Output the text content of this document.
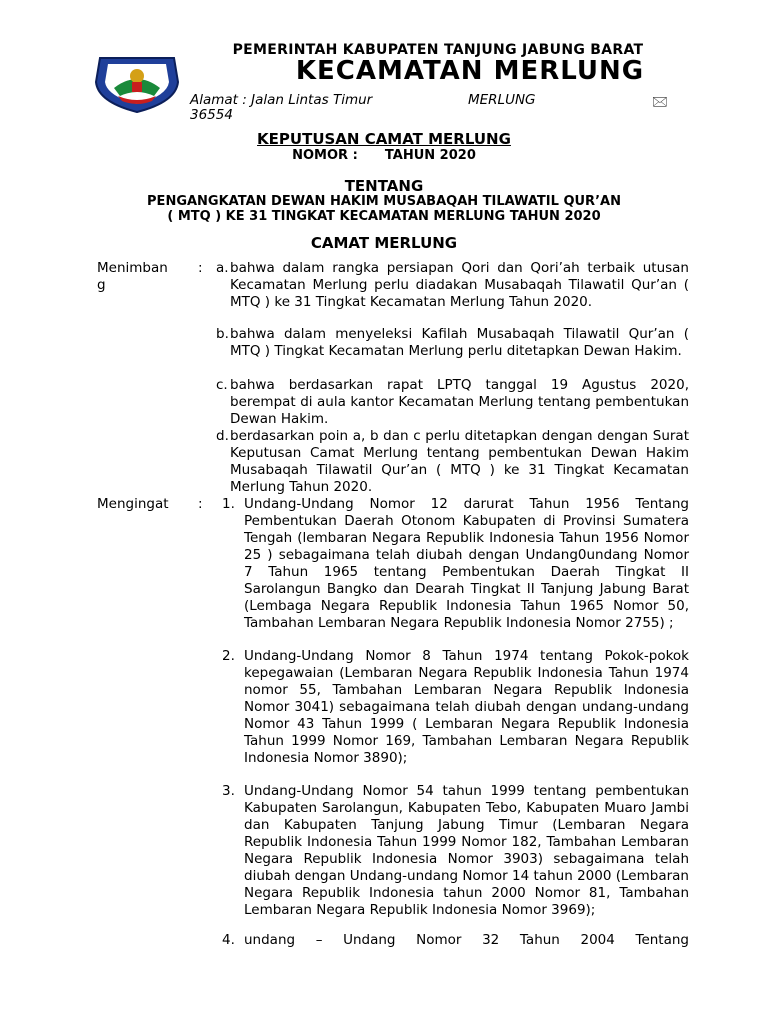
PEMERINTAH KABUPATEN TANJUNG JABUNG BARAT
KECAMATAN MERLUNG
Alamat : Jalan Lintas Timur	MERLUNG	🖂
36554
KEPUTUSAN CAMAT MERLUNG
NOMOR :      TAHUN 2020
TENTANG
PENGANGKATAN DEWAN HAKIM MUSABAQAH TILAWATIL QUR’AN
( MTQ ) KE 31 TINGKAT KECAMATAN MERLUNG TAHUN 2020
CAMAT MERLUNG
Menimban g
: a. bahwa dalam rangka persiapan Qori dan Qori’ah terbaik utusan Kecamatan Merlung perlu diadakan Musabaqah Tilawatil Qur’an ( MTQ ) ke 31 Tingkat Kecamatan Merlung Tahun 2020.
b. bahwa dalam menyeleksi Kafilah Musabaqah Tilawatil Qur’an ( MTQ ) Tingkat Kecamatan Merlung perlu ditetapkan Dewan Hakim.
c. bahwa berdasarkan rapat LPTQ tanggal 19 Agustus 2020, berempat di aula kantor Kecamatan Merlung tentang pembentukan Dewan Hakim.
d. berdasarkan poin a, b dan c perlu ditetapkan dengan dengan Surat Keputusan Camat Merlung tentang pembentukan Dewan Hakim Musabaqah Tilawatil Qur’an ( MTQ ) ke 31 Tingkat Kecamatan Merlung Tahun 2020.
Mengingat	: 1. Undang-Undang Nomor 12 darurat Tahun 1956 Tentang Pembentukan Daerah Otonom Kabupaten di Provinsi Sumatera Tengah (lembaran Negara Republik Indonesia Tahun 1956 Nomor 25 ) sebagaimana telah diubah dengan Undang0undang Nomor 7 Tahun 1965 tentang Pembentukan Daerah Tingkat II Sarolangun Bangko dan Dearah Tingkat II Tanjung Jabung Barat (Lembaga Negara Republik Indonesia Tahun 1965 Nomor 50, Tambahan Lembaran Negara Republik Indonesia Nomor 2755) ;
2. Undang-Undang Nomor 8 Tahun 1974 tentang Pokok-pokok kepegawaian (Lembaran Negara Republik Indonesia Tahun 1974 nomor 55, Tambahan Lembaran Negara Republik Indonesia Nomor 3041) sebagaimana telah diubah dengan undang-undang Nomor 43 Tahun 1999 ( Lembaran Negara Republik Indonesia Tahun 1999 Nomor 169, Tambahan Lembaran Negara Republik Indonesia Nomor 3890);
3. Undang-Undang Nomor 54 tahun 1999 tentang pembentukan Kabupaten Sarolangun, Kabupaten Tebo, Kabupaten Muaro Jambi dan Kabupaten Tanjung Jabung Timur (Lembaran Negara Republik Indonesia Tahun 1999 Nomor 182, Tambahan Lembaran Negara Republik Indonesia Nomor 3903) sebagaimana telah diubah dengan Undang-undang Nomor 14 tahun 2000 (Lembaran Negara Republik Indonesia tahun 2000 Nomor 81, Tambahan Lembaran Negara Republik Indonesia Nomor 3969);
4. undang – Undang Nomor 32 Tahun 2004 Tentang
